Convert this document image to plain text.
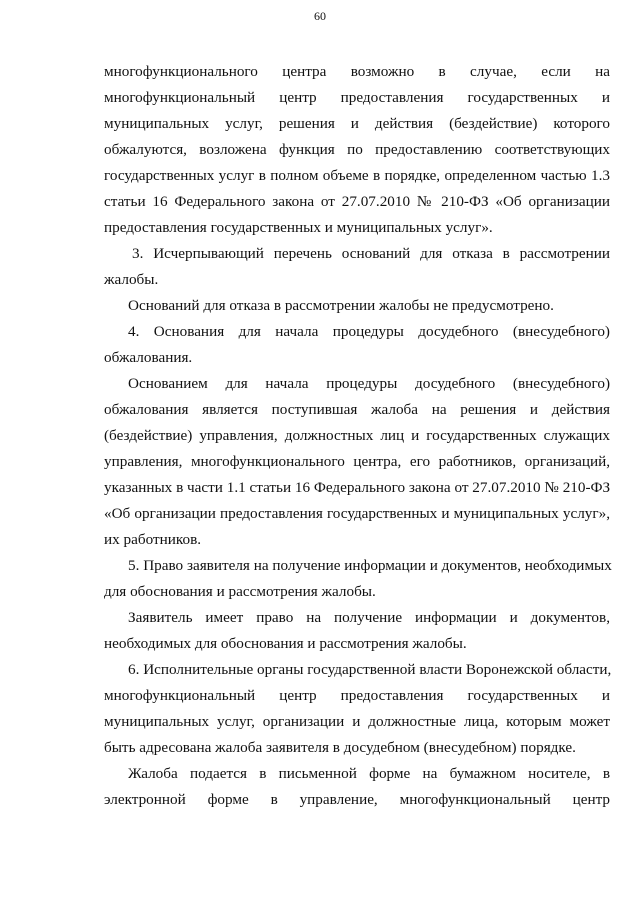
60
многофункционального центра возможно в случае, если на
многофункциональный центр предоставления государственных и
муниципальных услуг, решения и действия (бездействие) которого
обжалуются, возложена функция по предоставлению соответствующих
государственных услуг в полном объеме в порядке, определенном частью 1.3
статьи 16 Федерального закона от 27.07.2010 № 210-ФЗ «Об организации
предоставления государственных и муниципальных услуг».
3. Исчерпывающий перечень оснований для отказа в рассмотрении
жалобы.
Оснований для отказа в рассмотрении жалобы не предусмотрено.
4. Основания для начала процедуры досудебного (внесудебного)
обжалования.
Основанием для начала процедуры досудебного (внесудебного)
обжалования является поступившая жалоба на решения и действия
(бездействие) управления, должностных лиц и государственных служащих
управления, многофункционального центра, его работников, организаций,
указанных в части 1.1 статьи 16 Федерального закона от 27.07.2010 № 210-ФЗ
«Об организации предоставления государственных и муниципальных услуг»,
их работников.
5. Право заявителя на получение информации и документов, необходимых
для обоснования и рассмотрения жалобы.
Заявитель имеет право на получение информации и документов,
необходимых для обоснования и рассмотрения жалобы.
6. Исполнительные органы государственной власти Воронежской области,
многофункциональный центр предоставления государственных и
муниципальных услуг, организации и должностные лица, которым может
быть адресована жалоба заявителя в досудебном (внесудебном) порядке.
Жалоба подается в письменной форме на бумажном носителе, в
электронной форме в управление, многофункциональный центр
